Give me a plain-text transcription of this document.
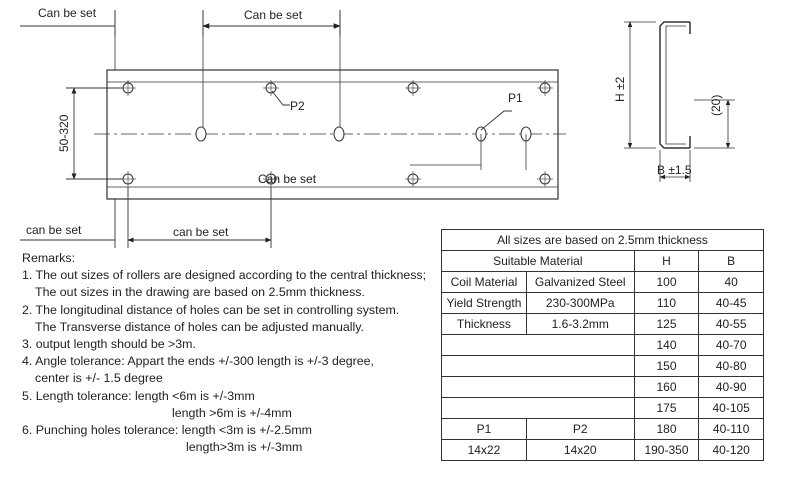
Can be set	Can be set
P2
P1
Can be set
50-320
can be set	can be set
H ±2
(20)
B ±1.5
Remarks:
1. The out sizes of rollers are designed according to the central thickness;
The out sizes in the drawing are based on 2.5mm thickness.
2. The longitudinal distance of holes can be set in controlling system.
The Transverse distance of holes can be adjusted manually.
3. output length should be >3m.
4. Angle tolerance: Appart the ends +/-300 length is +/-3 degree,
center is +/- 1.5 degree
5. Length tolerance: length <6m is +/-3mm
length >6m is +/-4mm
6. Punching holes tolerance: length <3m is +/-2.5mm
length>3m is +/-3mm
All sizes are based on 2.5mm thickness			
Suitable Material		H	B
Coil Material	Galvanized Steel	100	40
Yield Strength	230-300MPa	110	40-45
Thickness	1.6-3.2mm	125	40-55
		140	40-70
		150	40-80
		160	40-90
		175	40-105
P1	P2	180	40-110
14x22	14x20	190-350	40-120
